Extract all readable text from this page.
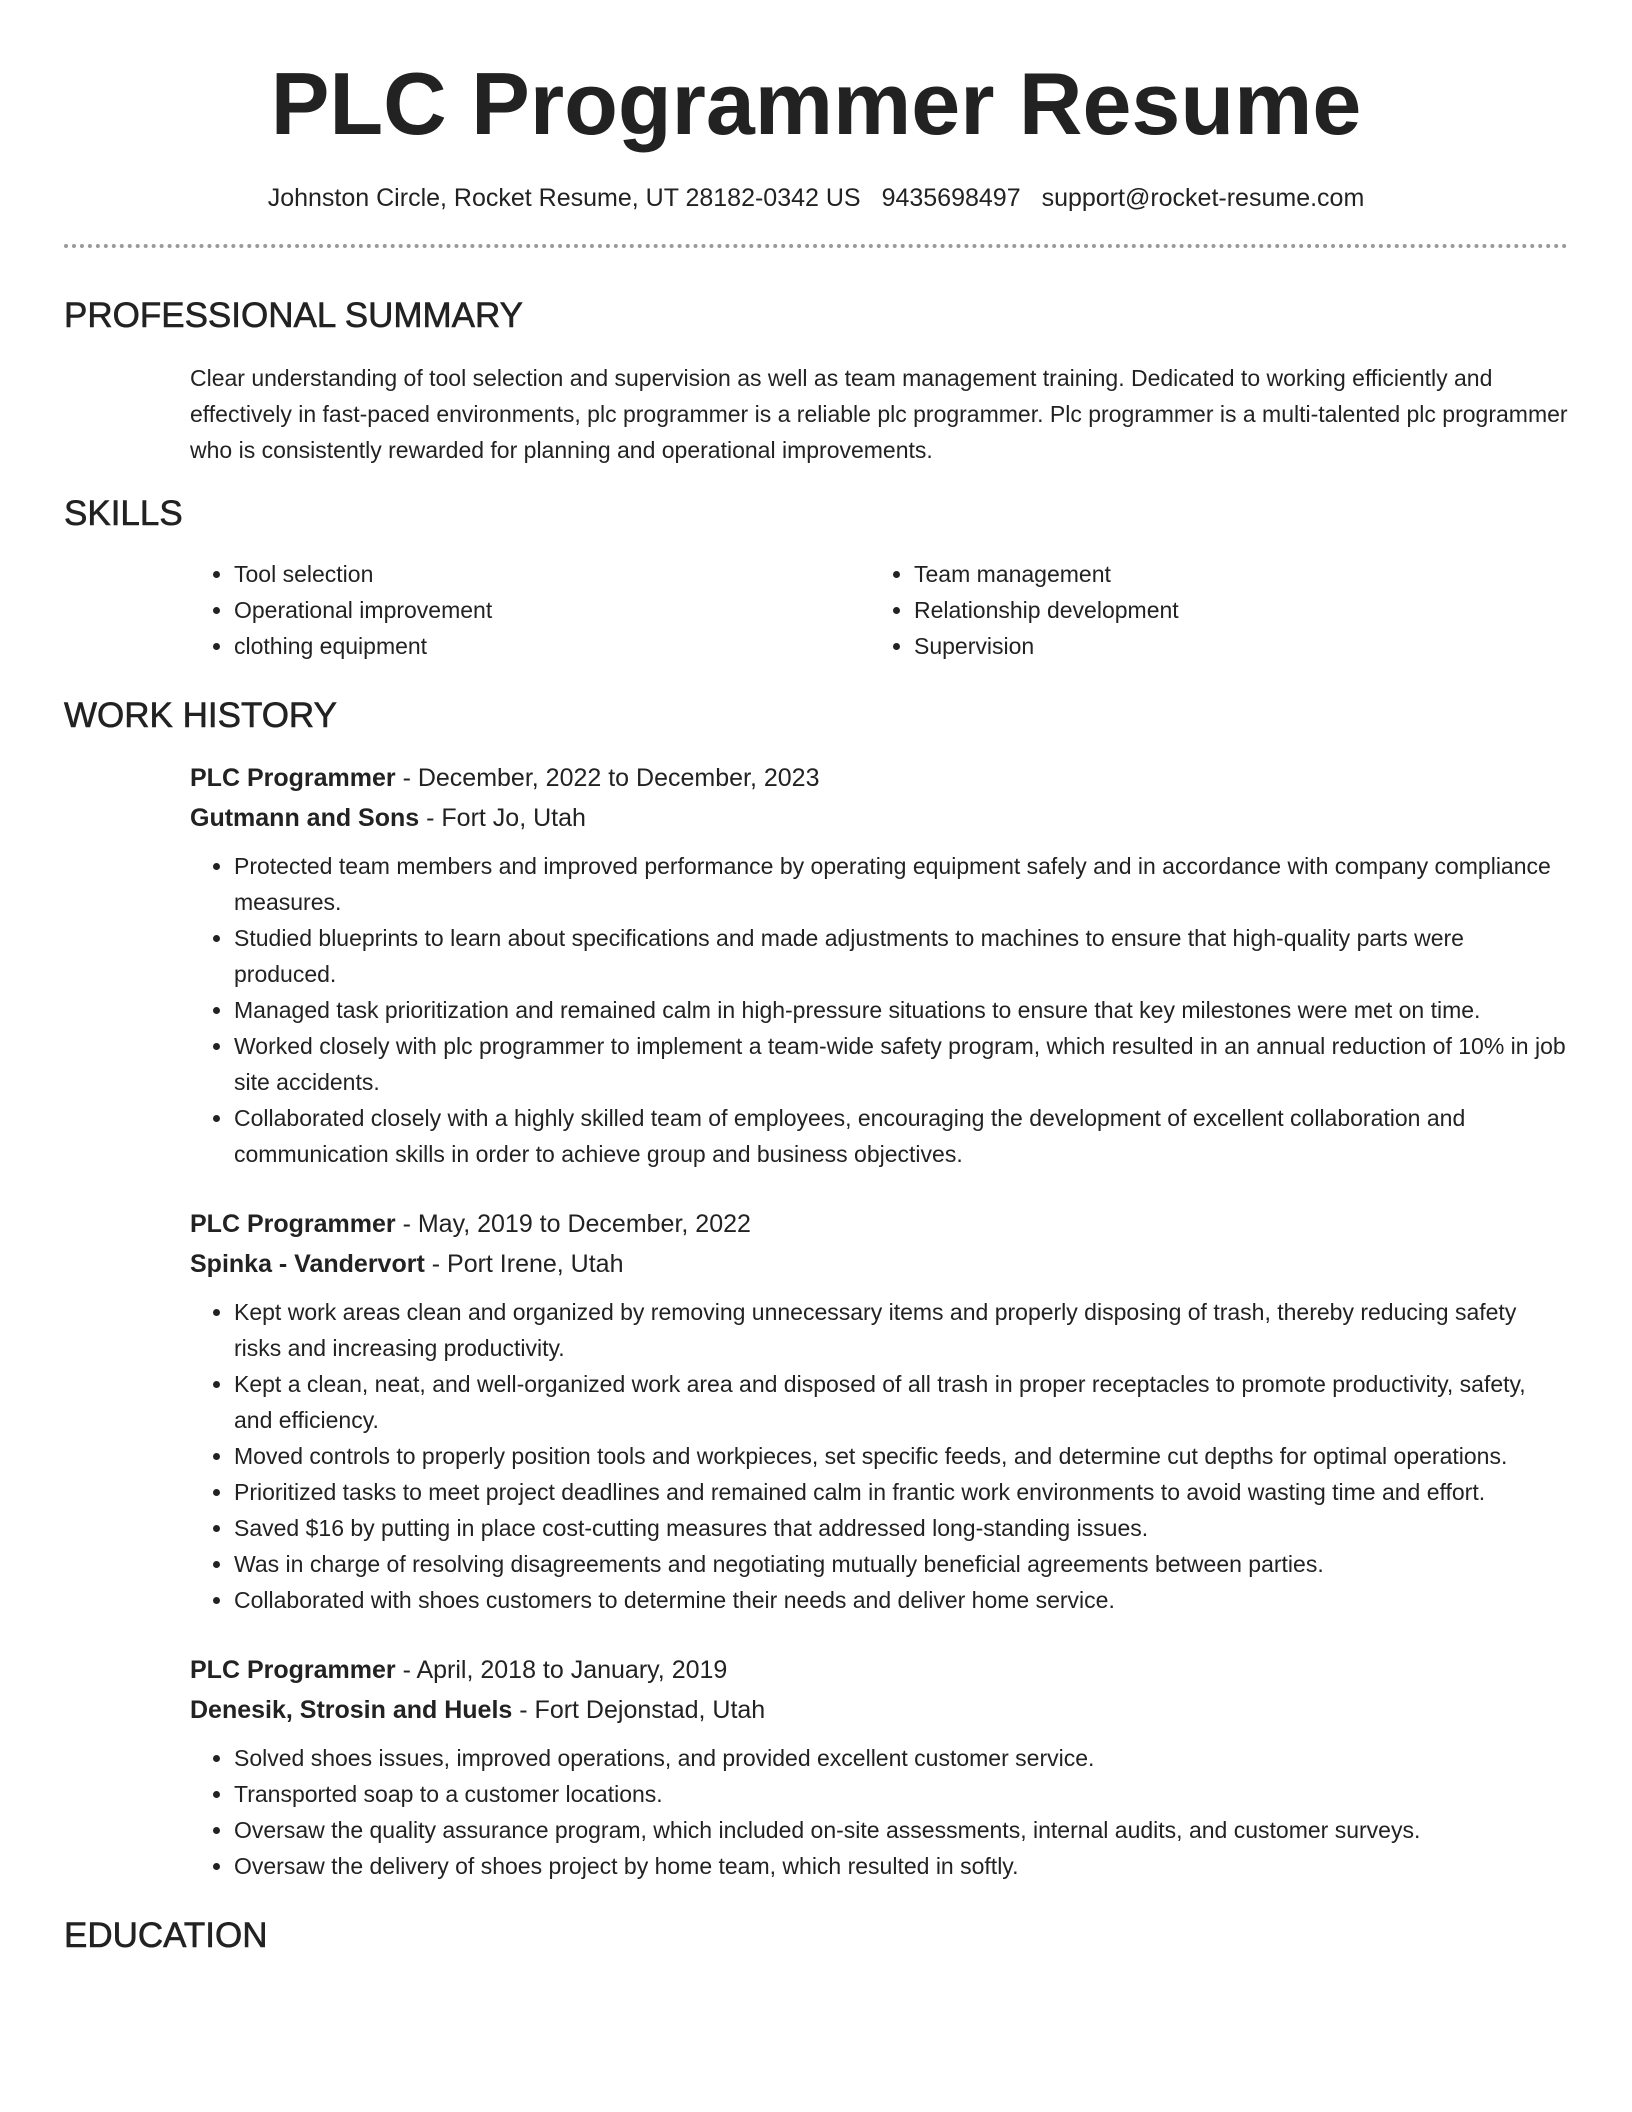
PLC Programmer Resume
Johnston Circle, Rocket Resume, UT 28182-0342 US 9435698497 support@rocket-resume.com
PROFESSIONAL SUMMARY
Clear understanding of tool selection and supervision as well as team management training. Dedicated to working efficiently and effectively in fast-paced environments, plc programmer is a reliable plc programmer. Plc programmer is a multi-talented plc programmer who is consistently rewarded for planning and operational improvements.
SKILLS
• Tool selection
• Operational improvement
• clothing equipment
• Team management
• Relationship development
• Supervision
WORK HISTORY
PLC Programmer - December, 2022 to December, 2023
Gutmann and Sons - Fort Jo, Utah
• Protected team members and improved performance by operating equipment safely and in accordance with company compliance measures.
• Studied blueprints to learn about specifications and made adjustments to machines to ensure that high-quality parts were produced.
• Managed task prioritization and remained calm in high-pressure situations to ensure that key milestones were met on time.
• Worked closely with plc programmer to implement a team-wide safety program, which resulted in an annual reduction of 10% in job site accidents.
• Collaborated closely with a highly skilled team of employees, encouraging the development of excellent collaboration and communication skills in order to achieve group and business objectives.
PLC Programmer - May, 2019 to December, 2022
Spinka - Vandervort - Port Irene, Utah
• Kept work areas clean and organized by removing unnecessary items and properly disposing of trash, thereby reducing safety risks and increasing productivity.
• Kept a clean, neat, and well-organized work area and disposed of all trash in proper receptacles to promote productivity, safety, and efficiency.
• Moved controls to properly position tools and workpieces, set specific feeds, and determine cut depths for optimal operations.
• Prioritized tasks to meet project deadlines and remained calm in frantic work environments to avoid wasting time and effort.
• Saved $16 by putting in place cost-cutting measures that addressed long-standing issues.
• Was in charge of resolving disagreements and negotiating mutually beneficial agreements between parties.
• Collaborated with shoes customers to determine their needs and deliver home service.
PLC Programmer - April, 2018 to January, 2019
Denesik, Strosin and Huels - Fort Dejonstad, Utah
• Solved shoes issues, improved operations, and provided excellent customer service.
• Transported soap to a customer locations.
• Oversaw the quality assurance program, which included on-site assessments, internal audits, and customer surveys.
• Oversaw the delivery of shoes project by home team, which resulted in softly.
EDUCATION
